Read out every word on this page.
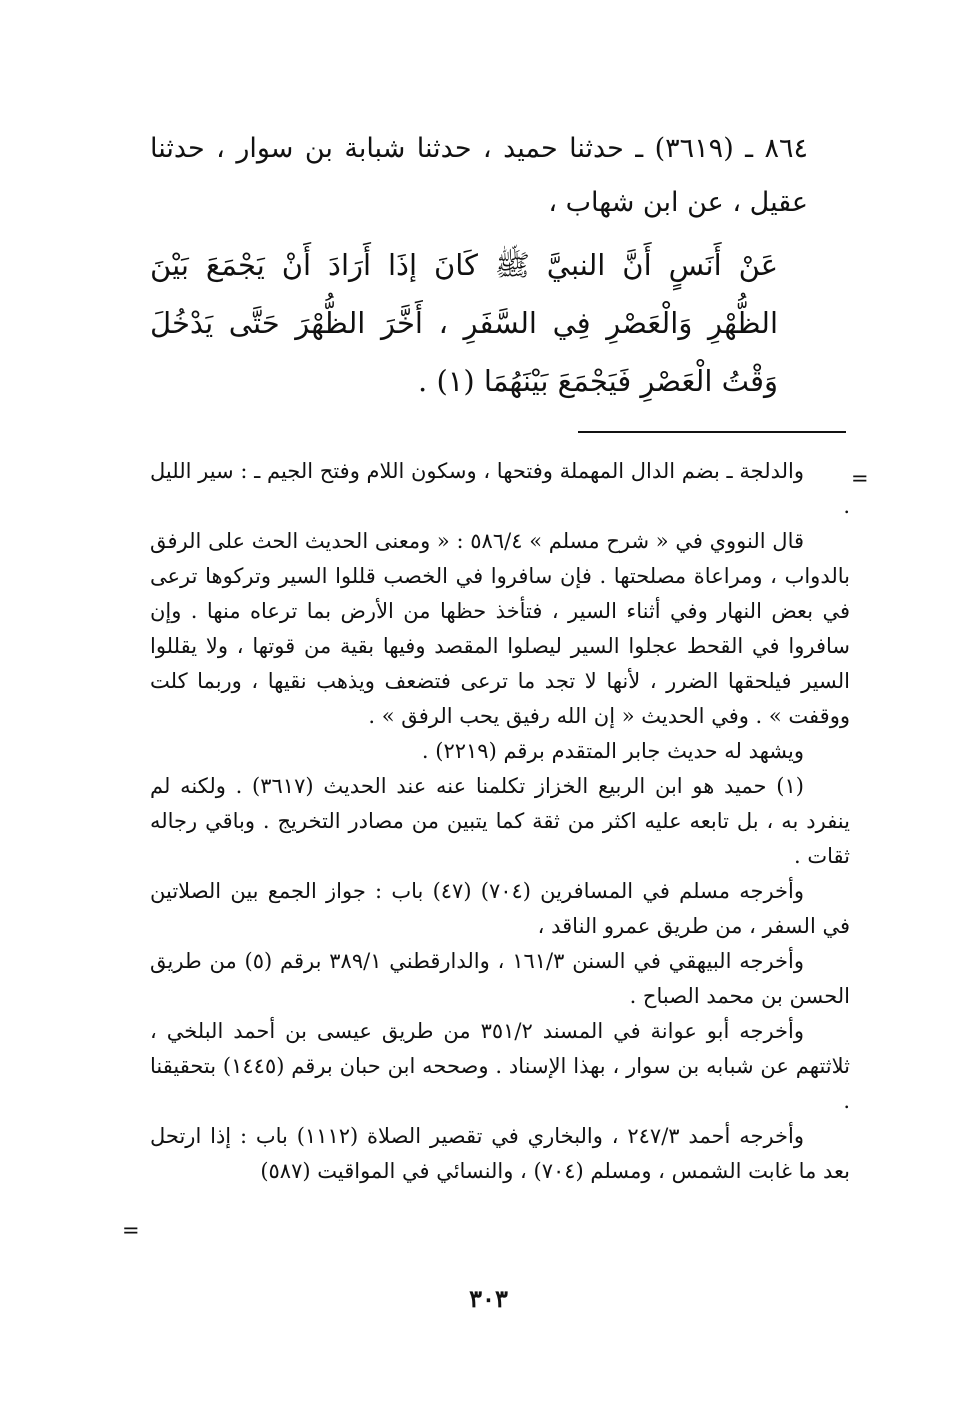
٨٦٤ ـ (٣٦١٩) ـ حدثنا حميد ، حدثنا شبابة بن سوار ، حدثنا عقيل ، عن ابن شهاب ،
عَنْ أَنَسٍ أَنَّ النبيَّ ﷺ كَانَ إذَا أَرَادَ أَنْ يَجْمَعَ بَيْنَ الظُّهْرِ وَالْعَصْرِ فِي السَّفَرِ ، أَخَّرَ الظُّهْرَ حَتَّى يَدْخُلَ وَقْتُ الْعَصْرِ فَيَجْمَعَ بَيْنَهُمَا (١) .
=

والدلجة ـ بضم الدال المهملة وفتحها ، وسكون اللام وفتح الجيم ـ : سير الليل .

قال النووي في « شرح مسلم » ٥٨٦/٤ : « ومعنى الحديث الحث على الرفق بالدواب ، ومراعاة مصلحتها . فإن سافروا في الخصب قللوا السير وتركوها ترعى في بعض النهار وفي أثناء السير ، فتأخذ حظها من الأرض بما ترعاه منها . وإن سافروا في القحط عجلوا السير ليصلوا المقصد وفيها بقية من قوتها ، ولا يقللوا السير فيلحقها الضرر ، لأنها لا تجد ما ترعى فتضعف ويذهب نقيها ، وربما كلت ووقفت » . وفي الحديث « إن الله رفيق يحب الرفق » .

ويشهد له حديث جابر المتقدم برقم (٢٢١٩) .

(١) حميد هو ابن الربيع الخزاز تكلمنا عنه عند الحديث (٣٦١٧) . ولكنه لم ينفرد به ، بل تابعه عليه اكثر من ثقة كما يتبين من مصادر التخريج . وباقي رجاله ثقات .

وأخرجه مسلم في المسافرين (٧٠٤) (٤٧) باب : جواز الجمع بين الصلاتين في السفر ، من طريق عمرو الناقد ،

وأخرجه البيهقي في السنن ١٦١/٣ ، والدارقطني ٣٨٩/١ برقم (٥) من طريق الحسن بن محمد الصباح .

وأخرجه أبو عوانة في المسند ٣٥١/٢ من طريق عيسى بن أحمد البلخي ، ثلاثتهم عن شبابه بن سوار ، بهذا الإسناد . وصححه ابن حبان برقم (١٤٤٥) بتحقيقنا .

وأخرجه أحمد ٢٤٧/٣ ، والبخاري في تقصير الصلاة (١١١٢) باب : إذا ارتحل بعد ما غابت الشمس ، ومسلم (٧٠٤) ، والنسائي في المواقيت (٥٨٧)

=
٣٠٣
